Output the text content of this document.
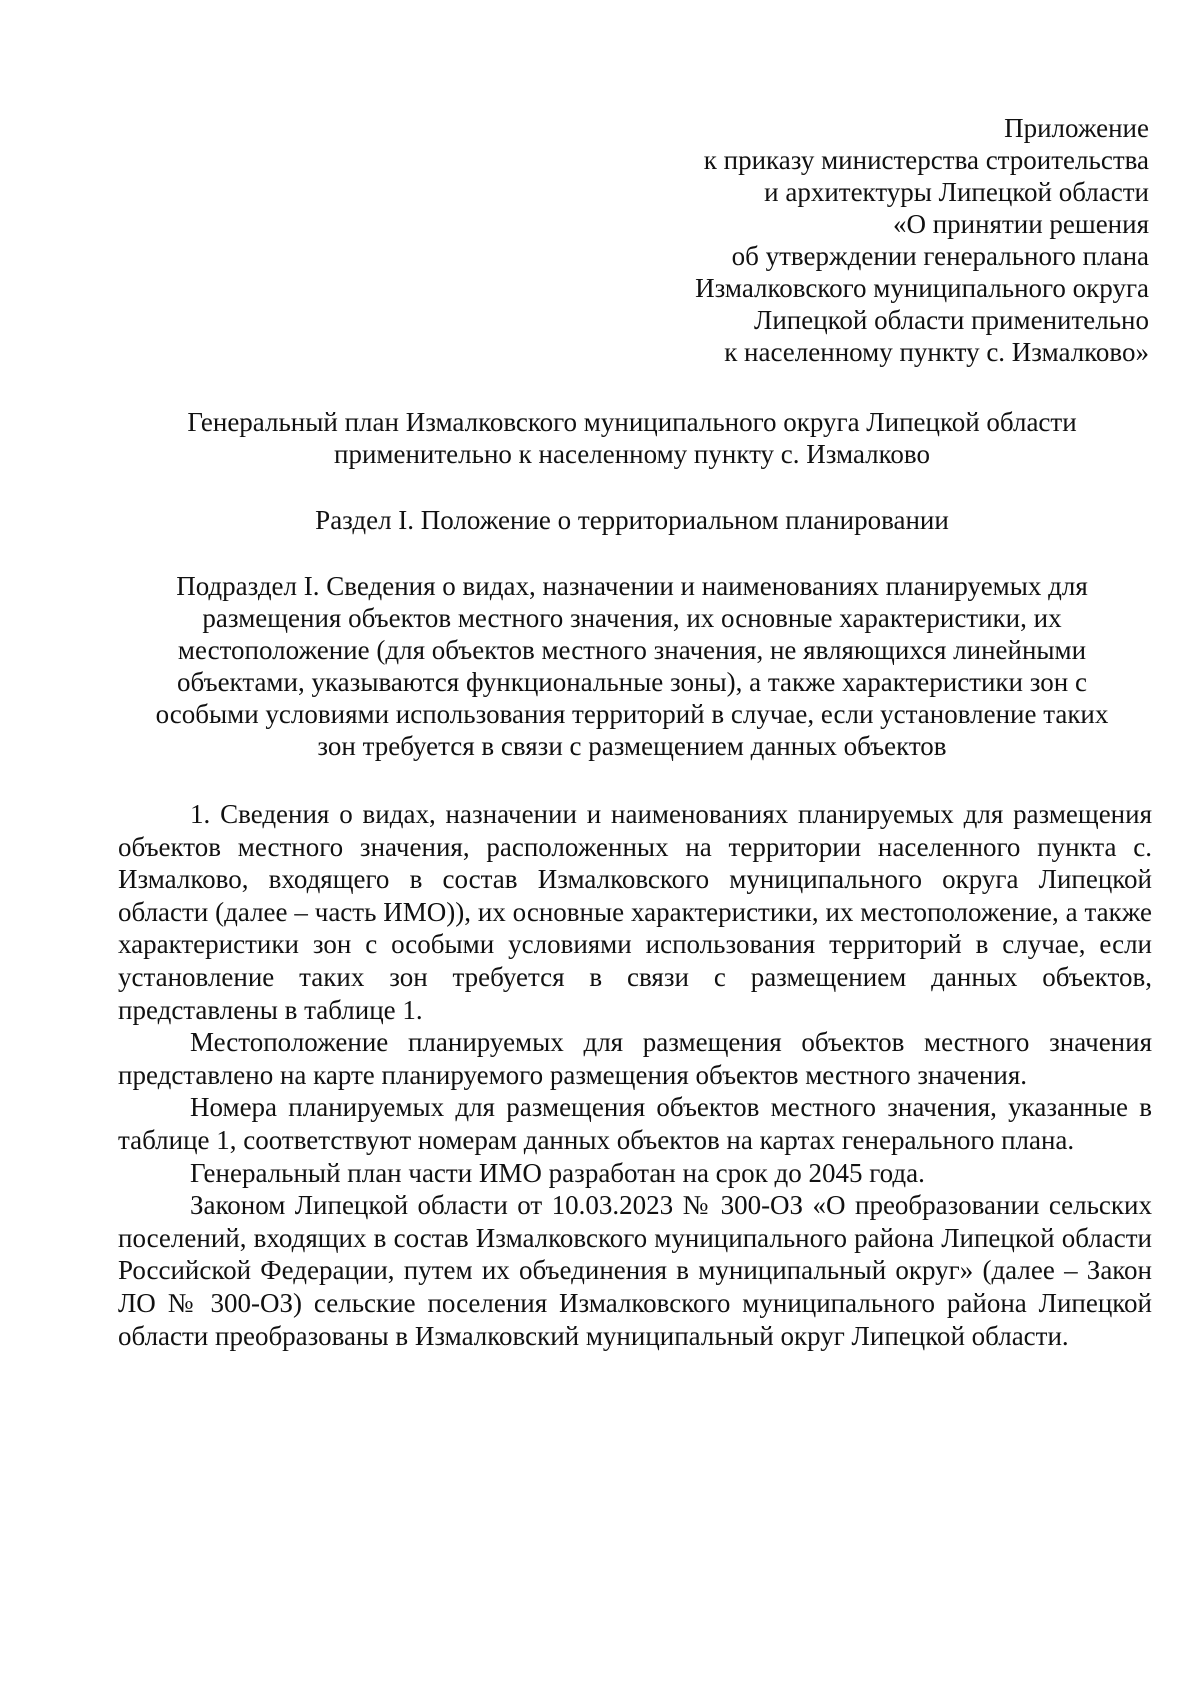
Приложение
к приказу министерства строительства
и архитектуры Липецкой области
«О принятии решения
об утверждении генерального плана
Измалковского муниципального округа
Липецкой области применительно
к населенному пункту с. Измалково»
Генеральный план Измалковского муниципального округа Липецкой области
применительно к населенному пункту с. Измалково
Раздел I. Положение о территориальном планировании
Подраздел I. Сведения о видах, назначении и наименованиях планируемых для
размещения объектов местного значения, их основные характеристики, их
местоположение (для объектов местного значения, не являющихся линейными
объектами, указываются функциональные зоны), а также характеристики зон с
особыми условиями использования территорий в случае, если установление таких
зон требуется в связи с размещением данных объектов

1. Сведения о видах, назначении и наименованиях планируемых для размещения объектов местного значения, расположенных на территории населенного пункта с. Измалково, входящего в состав Измалковского муниципального округа Липецкой области (далее – часть ИМО)), их основные характеристики, их местоположение, а также характеристики зон с особыми условиями использования территорий в случае, если установление таких зон требуется в связи с размещением данных объектов, представлены в таблице 1.

Местоположение планируемых для размещения объектов местного значения представлено на карте планируемого размещения объектов местного значения.

Номера планируемых для размещения объектов местного значения, указанные в таблице 1, соответствуют номерам данных объектов на картах генерального плана.

Генеральный план части ИМО разработан на срок до 2045 года.

Законом Липецкой области от 10.03.2023 № 300-ОЗ «О преобразовании сельских поселений, входящих в состав Измалковского муниципального района Липецкой области Российской Федерации, путем их объединения в муниципальный округ» (далее – Закон ЛО № 300-ОЗ) сельские поселения Измалковского муниципального района Липецкой области преобразованы в Измалковский муниципальный округ Липецкой области.
